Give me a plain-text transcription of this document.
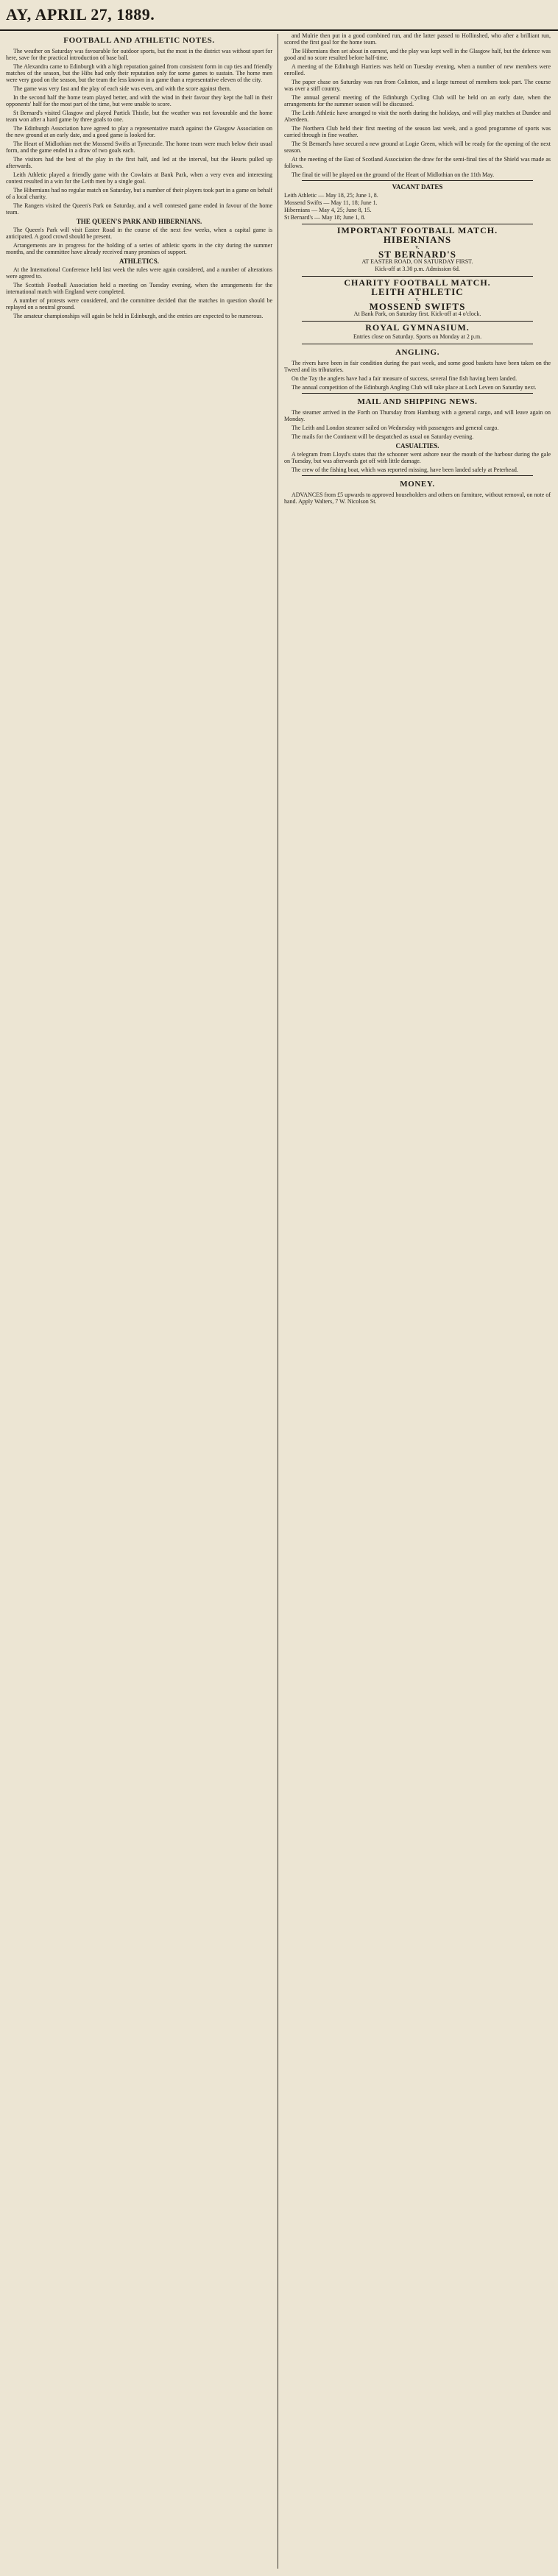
AY, APRIL 27, 1889.
FOOTBALL AND ATHLETIC NOTES.

The weather on Saturday was favourable for outdoor sports, but the most in the district was without sport for here, save for the practical introduction of base ball.

The Alexandra came to Edinburgh with a high reputation gained from consistent form in cup ties and friendly matches of the season, but the Hibs had only their reputation only for some games to sustain. The home men were very good on the season, but the team the less known in a game than a representative eleven of the city.

The game was very fast and the play of each side was even, and with the score against them.

In the second half the home team played better, and with the wind in their favour they kept the ball in their opponents' half for the most part of the time, but were unable to score.

St Bernard's visited Glasgow and played Partick Thistle, but the weather was not favourable and the home team won after a hard game by three goals to one.

The Edinburgh Association have agreed to play a representative match against the Glasgow Association on the new ground at an early date, and a good game is looked for.

The Heart of Midlothian met the Mossend Swifts at Tynecastle. The home team were much below their usual form, and the game ended in a draw of two goals each.

The visitors had the best of the play in the first half, and led at the interval, but the Hearts pulled up afterwards.

Leith Athletic played a friendly game with the Cowlairs at Bank Park, when a very even and interesting contest resulted in a win for the Leith men by a single goal.

The Hibernians had no regular match on Saturday, but a number of their players took part in a game on behalf of a local charity.

The Rangers visited the Queen's Park on Saturday, and a well contested game ended in favour of the home team.

THE QUEEN'S PARK AND HIBERNIANS.

The Queen's Park will visit Easter Road in the course of the next few weeks, when a capital game is anticipated. A good crowd should be present.

Arrangements are in progress for the holding of a series of athletic sports in the city during the summer months, and the committee have already received many promises of support.

ATHLETICS.

At the International Conference held last week the rules were again considered, and a number of alterations were agreed to.

The Scottish Football Association held a meeting on Tuesday evening, when the arrangements for the international match with England were completed.

A number of protests were considered, and the committee decided that the matches in question should be replayed on a neutral ground.

The amateur championships will again be held in Edinburgh, and the entries are expected to be numerous.

and Mulrie then put in a good combined run, and the latter passed to Hollinshed, who after a brilliant run, scored the first goal for the home team.

The Hibernians then set about in earnest, and the play was kept well in the Glasgow half, but the defence was good and no score resulted before half-time.

A meeting of the Edinburgh Harriers was held on Tuesday evening, when a number of new members were enrolled.

The paper chase on Saturday was run from Colinton, and a large turnout of members took part. The course was over a stiff country.

The annual general meeting of the Edinburgh Cycling Club will be held on an early date, when the arrangements for the summer season will be discussed.

The Leith Athletic have arranged to visit the north during the holidays, and will play matches at Dundee and Aberdeen.

The Northern Club held their first meeting of the season last week, and a good programme of sports was carried through in fine weather.

The St Bernard's have secured a new ground at Logie Green, which will be ready for the opening of the next season.

At the meeting of the East of Scotland Association the draw for the semi-final ties of the Shield was made as follows.

The final tie will be played on the ground of the Heart of Midlothian on the 11th May.

VACANT DATES

Leith Athletic — May 18, 25; June 1, 8.

Mossend Swifts — May 11, 18; June 1.

Hibernians — May 4, 25; June 8, 15.

St Bernard's — May 18; June 1, 8.

IMPORTANT FOOTBALL MATCH.
HIBERNIANS
v.
ST BERNARD'S
AT EASTER ROAD, ON SATURDAY FIRST.
Kick-off at 3.30 p.m. Admission 6d.
CHARITY FOOTBALL MATCH.
LEITH ATHLETIC
v.
MOSSEND SWIFTS
At Bank Park, on Saturday first. Kick-off at 4 o'clock.
ROYAL GYMNASIUM.
Entries close on Saturday. Sports on Monday at 2 p.m.
ANGLING.

The rivers have been in fair condition during the past week, and some good baskets have been taken on the Tweed and its tributaries.

On the Tay the anglers have had a fair measure of success, several fine fish having been landed.

The annual competition of the Edinburgh Angling Club will take place at Loch Leven on Saturday next.

MAIL AND SHIPPING NEWS.

The steamer arrived in the Forth on Thursday from Hamburg with a general cargo, and will leave again on Monday.

The Leith and London steamer sailed on Wednesday with passengers and general cargo.

The mails for the Continent will be despatched as usual on Saturday evening.

CASUALTIES.

A telegram from Lloyd's states that the schooner went ashore near the mouth of the harbour during the gale on Tuesday, but was afterwards got off with little damage.

The crew of the fishing boat, which was reported missing, have been landed safely at Peterhead.

MONEY.

ADVANCES from £5 upwards to approved householders and others on furniture, without removal, on note of hand. Apply Walters, 7 W. Nicolson St.
